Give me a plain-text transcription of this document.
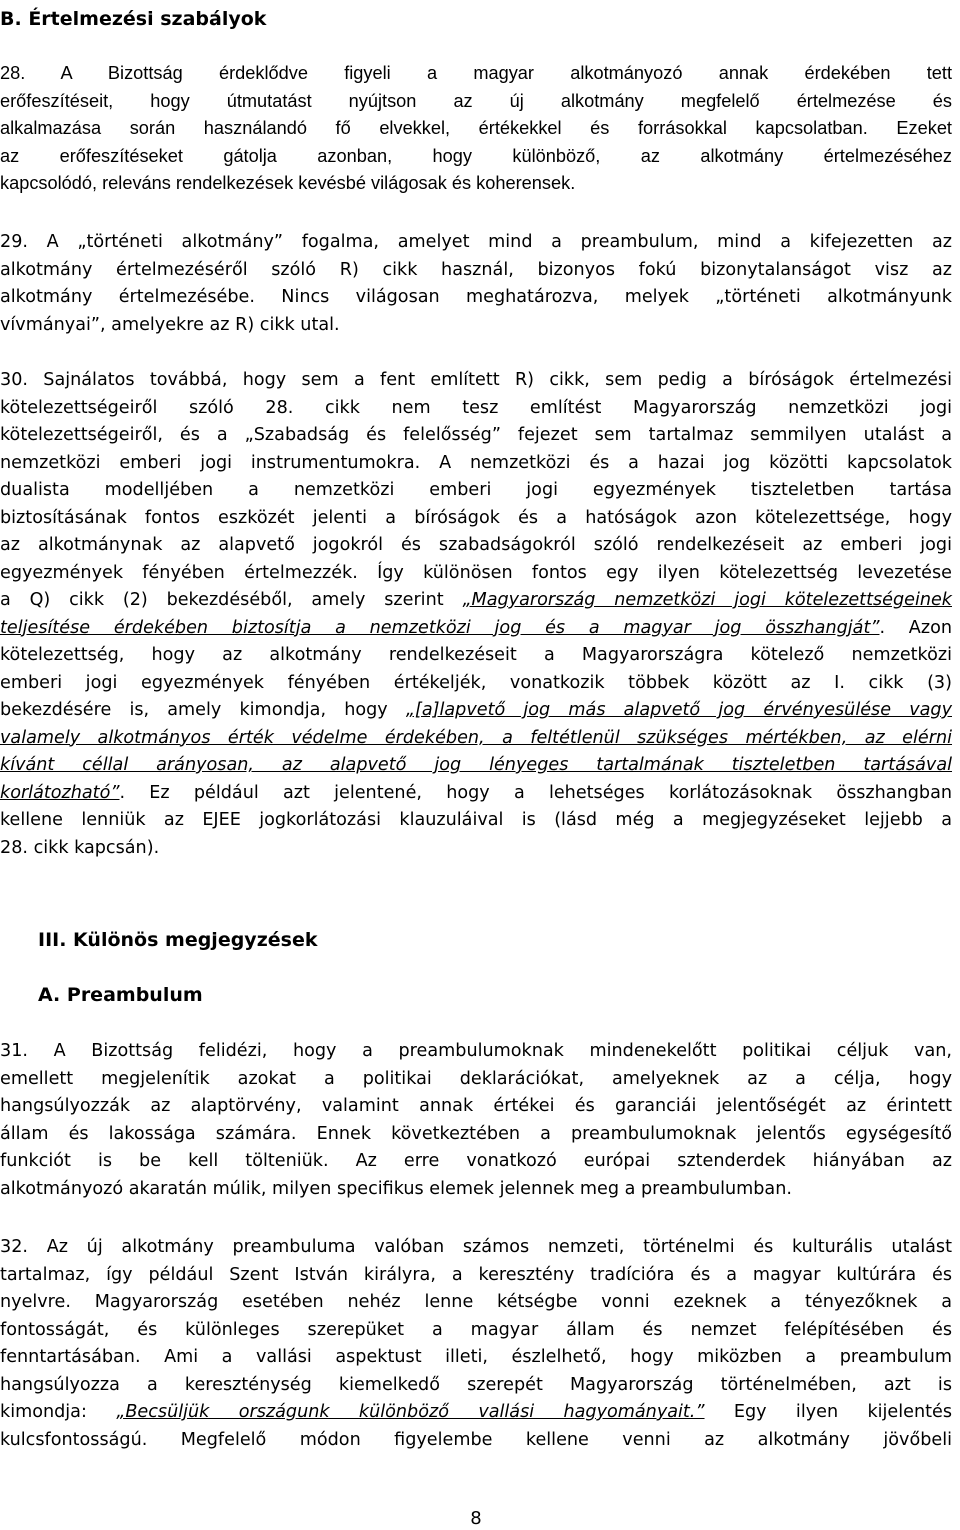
B. Értelmezési szabályok
28. A Bizottság érdeklődve figyeli a magyar alkotmányozó annak érdekében tett
erőfeszítéseit, hogy útmutatást nyújtson az új alkotmány megfelelő értelmezése és
alkalmazása során használandó fő elvekkel, értékekkel és forrásokkal kapcsolatban. Ezeket
az erőfeszítéseket gátolja azonban, hogy különböző, az alkotmány értelmezéséhez
kapcsolódó, releváns rendelkezések kevésbé világosak és koherensek.
29. A „történeti alkotmány” fogalma, amelyet mind a preambulum, mind a kifejezetten az
alkotmány értelmezéséről szóló R) cikk használ, bizonyos fokú bizonytalanságot visz az
alkotmány értelmezésébe. Nincs világosan meghatározva, melyek „történeti alkotmányunk
vívmányai”, amelyekre az R) cikk utal.
30. Sajnálatos továbbá, hogy sem a fent említett R) cikk, sem pedig a bíróságok értelmezési
kötelezettségeiről szóló 28. cikk nem tesz említést Magyarország nemzetközi jogi
kötelezettségeiről, és a „Szabadság és felelősség” fejezet sem tartalmaz semmilyen utalást a
nemzetközi emberi jogi instrumentumokra. A nemzetközi és a hazai jog közötti kapcsolatok
dualista modelljében a nemzetközi emberi jogi egyezmények tiszteletben tartása
biztosításának fontos eszközét jelenti a bíróságok és a hatóságok azon kötelezettsége, hogy
az alkotmánynak az alapvető jogokról és szabadságokról szóló rendelkezéseit az emberi jogi
egyezmények fényében értelmezzék. Így különösen fontos egy ilyen kötelezettség levezetése
a Q) cikk (2) bekezdéséből, amely szerint „Magyarország nemzetközi jogi kötelezettségeinek
teljesítése érdekében biztosítja a nemzetközi jog és a magyar jog összhangját”. Azon
kötelezettség, hogy az alkotmány rendelkezéseit a Magyarországra kötelező nemzetközi
emberi jogi egyezmények fényében értékeljék, vonatkozik többek között az I. cikk (3)
bekezdésére is, amely kimondja, hogy „[a]lapvető jog más alapvető jog érvényesülése vagy
valamely alkotmányos érték védelme érdekében, a feltétlenül szükséges mértékben, az elérni
kívánt céllal arányosan, az alapvető jog lényeges tartalmának tiszteletben tartásával
korlátozható”. Ez például azt jelentené, hogy a lehetséges korlátozásoknak összhangban
kellene lenniük az EJEE jogkorlátozási klauzuláival is (lásd még a megjegyzéseket lejjebb a
28. cikk kapcsán).
III. Különös megjegyzések
A. Preambulum
31. A Bizottság felidézi, hogy a preambulumoknak mindenekelőtt politikai céljuk van,
emellett megjelenítik azokat a politikai deklarációkat, amelyeknek az a célja, hogy
hangsúlyozzák az alaptörvény, valamint annak értékei és garanciái jelentőségét az érintett
állam és lakossága számára. Ennek következtében a preambulumoknak jelentős egységesítő
funkciót is be kell tölteniük. Az erre vonatkozó európai sztenderdek hiányában az
alkotmányozó akaratán múlik, milyen specifikus elemek jelennek meg a preambulumban.
32. Az új alkotmány preambuluma valóban számos nemzeti, történelmi és kulturális utalást
tartalmaz, így például Szent István királyra, a keresztény tradícióra és a magyar kultúrára és
nyelvre. Magyarország esetében nehéz lenne kétségbe vonni ezeknek a tényezőknek a
fontosságát, és különleges szerepüket a magyar állam és nemzet felépítésében és
fenntartásában. Ami a vallási aspektust illeti, észlelhető, hogy miközben a preambulum
hangsúlyozza a kereszténység kiemelkedő szerepét Magyarország történelmében, azt is
kimondja: „Becsüljük országunk különböző vallási hagyományait.” Egy ilyen kijelentés
kulcsfontosságú. Megfelelő módon figyelembe kellene venni az alkotmány jövőbeli
8
